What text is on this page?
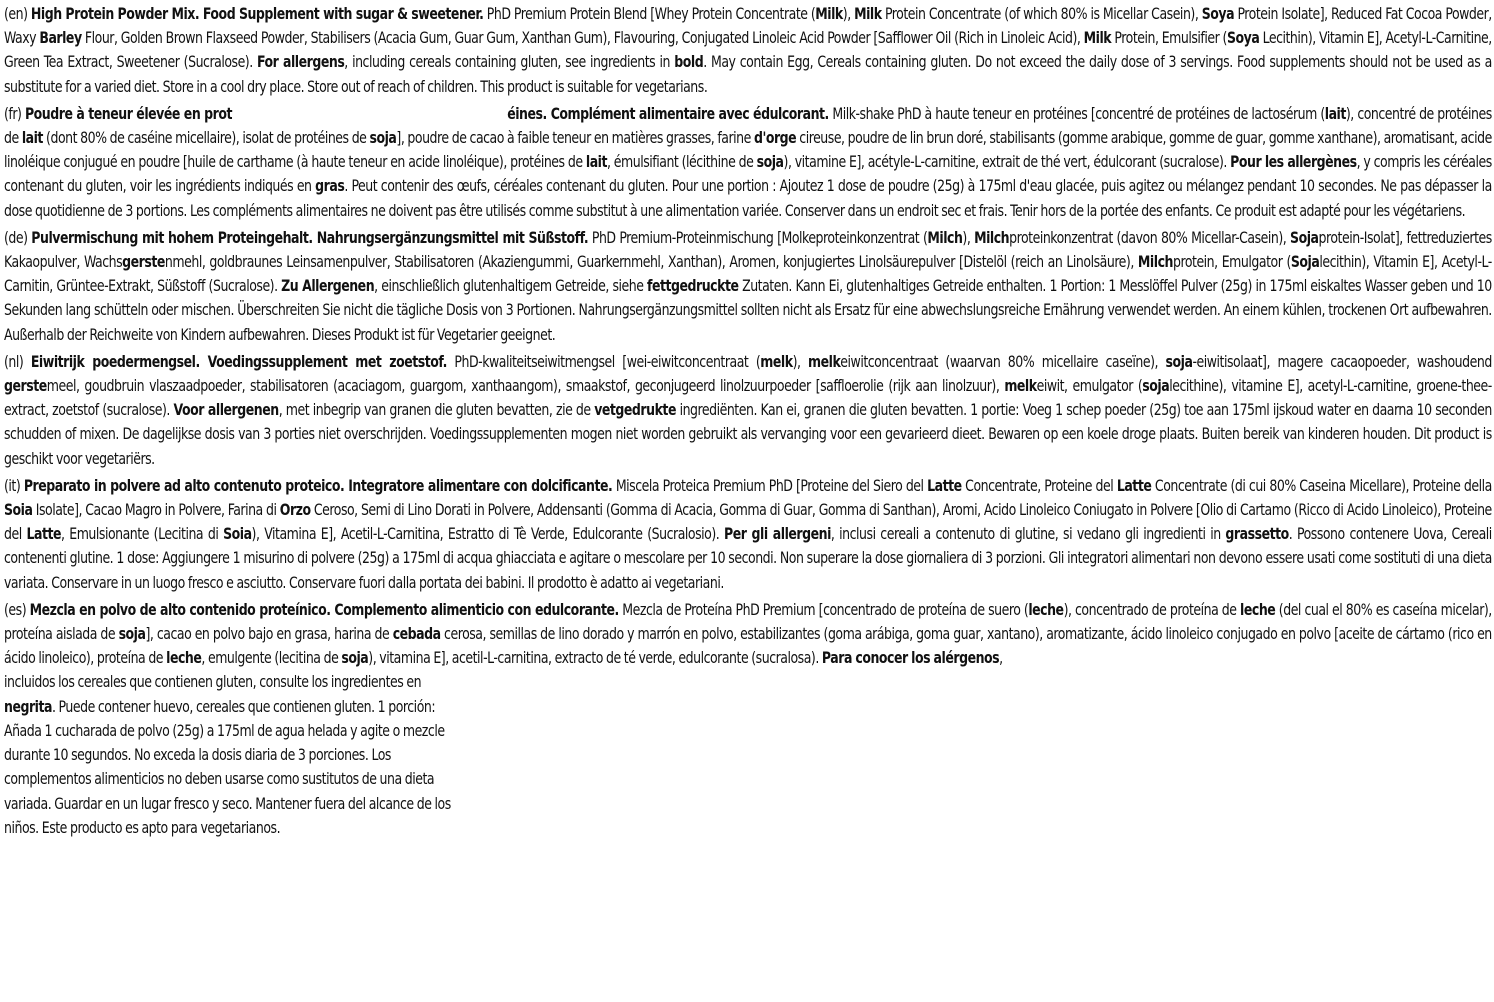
(en) High Protein Powder Mix. Food Supplement with sugar & sweetener. PhD Premium Protein Blend [Whey Protein Concentrate (Milk), Milk Protein Concentrate (of which 80% is Micellar Casein), Soya Protein Isolate], Reduced Fat Cocoa Powder, Waxy Barley Flour, Golden Brown Flaxseed Powder, Stabilisers (Acacia Gum, Guar Gum, Xanthan Gum), Flavouring, Conjugated Linoleic Acid Powder [Safflower Oil (Rich in Linoleic Acid), Milk Protein, Emulsifier (Soya Lecithin), Vitamin E], Acetyl-L-Carnitine, Green Tea Extract, Sweetener (Sucralose). For allergens, including cereals containing gluten, see ingredients in bold. May contain Egg, Cereals containing gluten. Do not exceed the daily dose of 3 servings. Food supplements should not be used as a substitute for a varied diet. Store in a cool dry place. Store out of reach of children. This product is suitable for vegetarians.

(fr) Poudre à teneur élevée en prot	éines. Complément alimentaire avec édulcorant. Milk-shake PhD à haute teneur en protéines [concentré de protéines de lactosérum (lait), concentré de protéines de lait (dont 80% de caséine micellaire), isolat de protéines de soja], poudre de cacao à faible teneur en matières grasses, farine d'orge cireuse, poudre de lin brun doré, stabilisants (gomme arabique, gomme de guar, gomme xanthane), aromatisant, acide linoléique conjugué en poudre [huile de carthame (à haute teneur en acide linoléique), protéines de lait, émulsifiant (lécithine de soja), vitamine E], acétyle-L-carnitine, extrait de thé vert, édulcorant (sucralose). Pour les allergènes, y compris les céréales contenant du gluten, voir les ingrédients indiqués en gras. Peut contenir des œufs, céréales contenant du gluten. Pour une portion : Ajoutez 1 dose de poudre (25g) à 175ml d'eau glacée, puis agitez ou mélangez pendant 10 secondes. Ne pas dépasser la dose quotidienne de 3 portions. Les compléments alimentaires ne doivent pas être utilisés comme substitut à une alimentation variée. Conserver dans un endroit sec et frais. Tenir hors de la portée des enfants. Ce produit est adapté pour les végétariens.

(de) Pulvermischung mit hohem Proteingehalt. Nahrungsergänzungsmittel mit Süßstoff. PhD Premium-Proteinmischung [Molkeproteinkonzentrat (Milch), Milchproteinkonzentrat (davon 80% Micellar-Casein), Sojaprotein-Isolat], fettreduziertes Kakaopulver, Wachsgerstenmehl, goldbraunes Leinsamenpulver, Stabilisatoren (Akaziengummi, Guarkernmehl, Xanthan), Aromen, konjugiertes Linolsäurepulver [Distelöl (reich an Linolsäure), Milchprotein, Emulgator (Sojalecithin), Vitamin E], Acetyl-L-Carnitin, Grüntee-Extrakt, Süßstoff (Sucralose). Zu Allergenen, einschließlich glutenhaltigem Getreide, siehe fettgedruckte Zutaten. Kann Ei, glutenhaltiges Getreide enthalten. 1 Portion: 1 Messlöffel Pulver (25g) in 175ml eiskaltes Wasser geben und 10 Sekunden lang schütteln oder mischen. Überschreiten Sie nicht die tägliche Dosis von 3 Portionen. Nahrungsergänzungsmittel sollten nicht als Ersatz für eine abwechslungsreiche Ernährung verwendet werden. An einem kühlen, trockenen Ort aufbewahren. Außerhalb der Reichweite von Kindern aufbewahren. Dieses Produkt ist für Vegetarier geeignet.

(nl) Eiwitrijk poedermengsel. Voedingssupplement met zoetstof. PhD-kwaliteitseiwitmengsel [wei-eiwitconcentraat (melk), melkeiwitconcentraat (waarvan 80% micellaire caseïne), soja-eiwitisolaat], magere cacaopoeder, washoudend gerstemeel, goudbruin vlaszaadpoeder, stabilisatoren (acaciagom, guargom, xanthaangom), smaakstof, geconjugeerd linolzuurpoeder [saffloerolie (rijk aan linolzuur), melkeiwit, emulgator (sojalecithine), vitamine E], acetyl-L-carnitine, groene-thee-extract, zoetstof (sucralose). Voor allergenen, met inbegrip van granen die gluten bevatten, zie de vetgedrukte ingrediënten. Kan ei, granen die gluten bevatten. 1 portie: Voeg 1 schep poeder (25g) toe aan 175ml ijskoud water en daarna 10 seconden schudden of mixen. De dagelijkse dosis van 3 porties niet overschrijden. Voedingssupplementen mogen niet worden gebruikt als vervanging voor een gevarieerd dieet. Bewaren op een koele droge plaats. Buiten bereik van kinderen houden. Dit product is geschikt voor vegetariërs.

(it) Preparato in polvere ad alto contenuto proteico. Integratore alimentare con dolcificante. Miscela Proteica Premium PhD [Proteine del Siero del Latte Concentrate, Proteine del Latte Concentrate (di cui 80% Caseina Micellare), Proteine della Soia Isolate], Cacao Magro in Polvere, Farina di Orzo Ceroso, Semi di Lino Dorati in Polvere, Addensanti (Gomma di Acacia, Gomma di Guar, Gomma di Santhan), Aromi, Acido Linoleico Coniugato in Polvere [Olio di Cartamo (Ricco di Acido Linoleico), Proteine del Latte, Emulsionante (Lecitina di Soia), Vitamina E], Acetil-L-Carnitina, Estratto di Tè Verde, Edulcorante (Sucralosio). Per gli allergeni, inclusi cereali a contenuto di glutine, si vedano gli ingredienti in grassetto. Possono contenere Uova, Cereali contenenti glutine. 1 dose: Aggiungere 1 misurino di polvere (25g) a 175ml di acqua ghiacciata e agitare o mescolare per 10 secondi. Non superare la dose giornaliera di 3 porzioni. Gli integratori alimentari non devono essere usati come sostituti di una dieta variata. Conservare in un luogo fresco e asciutto. Conservare fuori dalla portata dei babini. Il prodotto è adatto ai vegetariani.

(es) Mezcla en polvo de alto contenido proteínico. Complemento alimenticio con edulcorante. Mezcla de Proteína PhD Premium [concentrado de proteína de suero (leche), concentrado de proteína de leche (del cual el 80% es caseína micelar), proteína aislada de soja], cacao en polvo bajo en grasa, harina de cebada cerosa, semillas de lino dorado y marrón en polvo, estabilizantes (goma arábiga, goma guar, xantano), aromatizante, ácido linoleico conjugado en polvo [aceite de cártamo (rico en ácido linoleico), proteína de leche, emulgente (lecitina de soja), vitamina E], acetil-L-carnitina, extracto de té verde, edulcorante (sucralosa). Para conocer los alérgenos,

incluidos los cereales que contienen gluten, consulte los ingredientes en negrita. Puede contener huevo, cereales que contienen gluten. 1 porción: Añada 1 cucharada de polvo (25g) a 175ml de agua helada y agite o mezcle durante 10 segundos. No exceda la dosis diaria de 3 porciones. Los complementos alimenticios no deben usarse como sustitutos de una dieta variada. Guardar en un lugar fresco y seco. Mantener fuera del alcance de los niños. Este producto es apto para vegetarianos.
